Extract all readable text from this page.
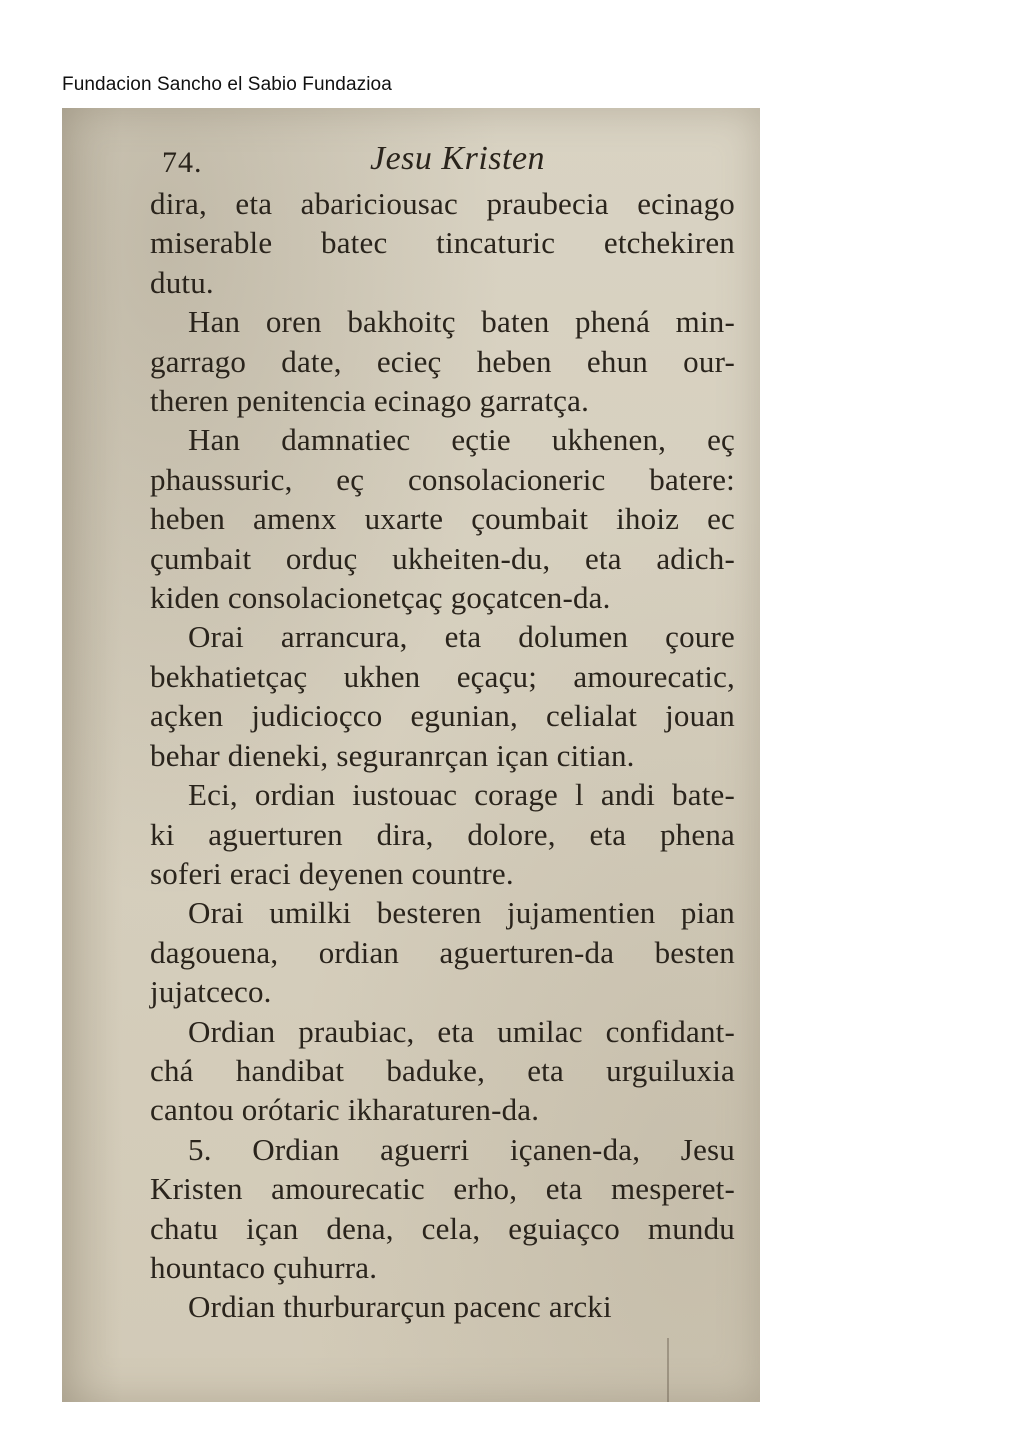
Fundacion Sancho el Sabio Fundazioa
74.	Jesu Kristen
dira, eta abariciousac praubecia ecinago
miserable batec tincaturic etchekiren
dutu.
Han oren bakhoitç baten phená min-
garrago date, ecieç heben ehun our-
theren penitencia ecinago garratça.
Han damnatiec eçtie ukhenen, eç
phaussuric, eç consolacioneric batere:
heben amenx uxarte çoumbait ihoiz ec
çumbait orduç ukheiten-du, eta adich-
kiden consolacionetçaç goçatcen-da.
Orai arrancura, eta dolumen çoure
bekhatietçaç ukhen eçaçu; amourecatic,
açken judicioçco egunian, celialat jouan
behar dieneki, seguranrçan içan citian.
Eci, ordian iustouac corage l andi bate-
ki aguerturen dira, dolore, eta phena
soferi eraci deyenen countre.
Orai umilki besteren jujamentien pian
dagouena, ordian aguerturen-da besten
jujatceco.
Ordian praubiac, eta umilac confidant-
chá handibat baduke, eta urguiluxia
cantou orótaric ikharaturen-da.
5. Ordian aguerri içanen-da, Jesu
Kristen amourecatic erho, eta mesperet-
chatu içan dena, cela, eguiaçco mundu
hountaco çuhurra.
Ordian thurburarçun pacenc arcki
